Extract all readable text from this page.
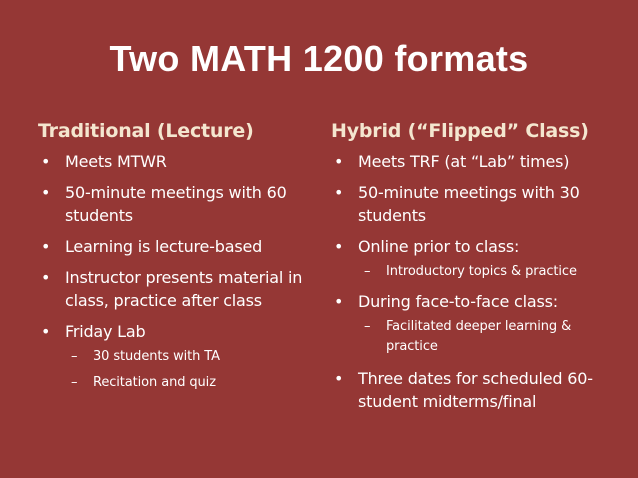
Two MATH 1200 formats
Traditional (Lecture)
• Meets MTWR
• 50-minute meetings with 60 students
• Learning is lecture-based
• Instructor presents material in class, practice after class
• Friday Lab
– 30 students with TA
– Recitation and quiz
Hybrid (“Flipped” Class)
• Meets TRF (at “Lab” times)
• 50-minute meetings with 30 students
• Online prior to class:
– Introductory topics & practice
• During face-to-face class:
– Facilitated deeper learning & practice
• Three dates for scheduled 60-student midterms/final
